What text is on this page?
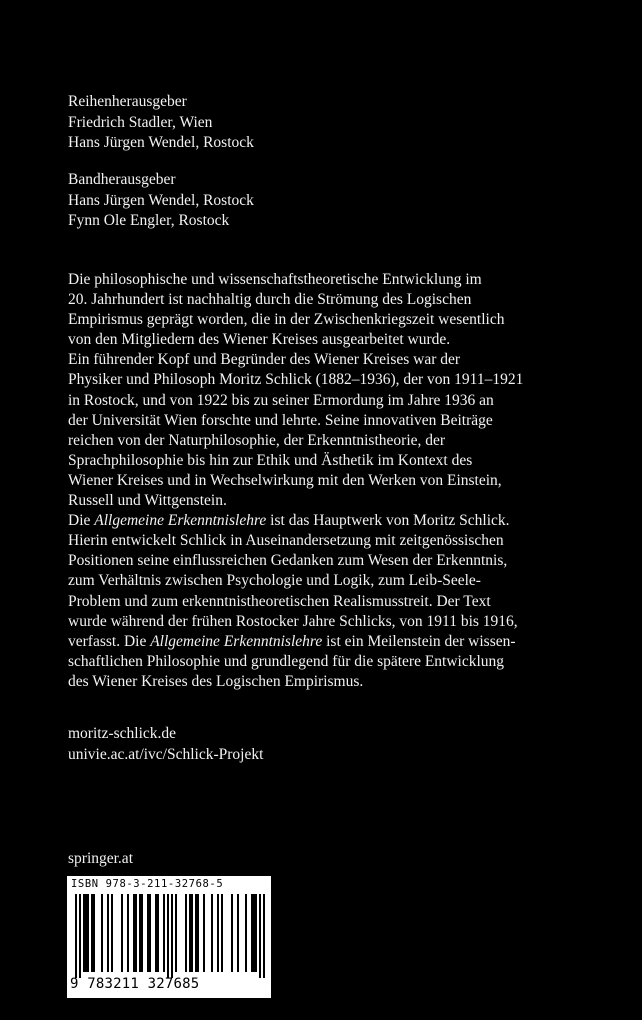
Reihenherausgeber
Friedrich Stadler, Wien
Hans Jürgen Wendel, Rostock
Bandherausgeber
Hans Jürgen Wendel, Rostock
Fynn Ole Engler, Rostock
Die philosophische und wissenschaftstheoretische Entwicklung im
20. Jahrhundert ist nachhaltig durch die Strömung des Logischen
Empirismus geprägt worden, die in der Zwischenkriegszeit wesentlich
von den Mitgliedern des Wiener Kreises ausgearbeitet wurde.
Ein führender Kopf und Begründer des Wiener Kreises war der
Physiker und Philosoph Moritz Schlick (1882–1936), der von 1911–1921
in Rostock, und von 1922 bis zu seiner Ermordung im Jahre 1936 an
der Universität Wien forschte und lehrte. Seine innovativen Beiträge
reichen von der Naturphilosophie, der Erkenntnistheorie, der
Sprachphilosophie bis hin zur Ethik und Ästhetik im Kontext des
Wiener Kreises und in Wechselwirkung mit den Werken von Einstein,
Russell und Wittgenstein.
Die Allgemeine Erkenntnislehre ist das Hauptwerk von Moritz Schlick.
Hierin entwickelt Schlick in Auseinandersetzung mit zeitgenössischen
Positionen seine einflussreichen Gedanken zum Wesen der Erkenntnis,
zum Verhältnis zwischen Psychologie und Logik, zum Leib-Seele-
Problem und zum erkenntnistheoretischen Realismusstreit. Der Text
wurde während der frühen Rostocker Jahre Schlicks, von 1911 bis 1916,
verfasst. Die Allgemeine Erkenntnislehre ist ein Meilenstein der wissen-
schaftlichen Philosophie und grundlegend für die spätere Entwicklung
des Wiener Kreises des Logischen Empirismus.
moritz-schlick.de
univie.ac.at/ivc/Schlick-Projekt
springer.at
ISBN 978-3-211-32768-5
9 783211 327685
